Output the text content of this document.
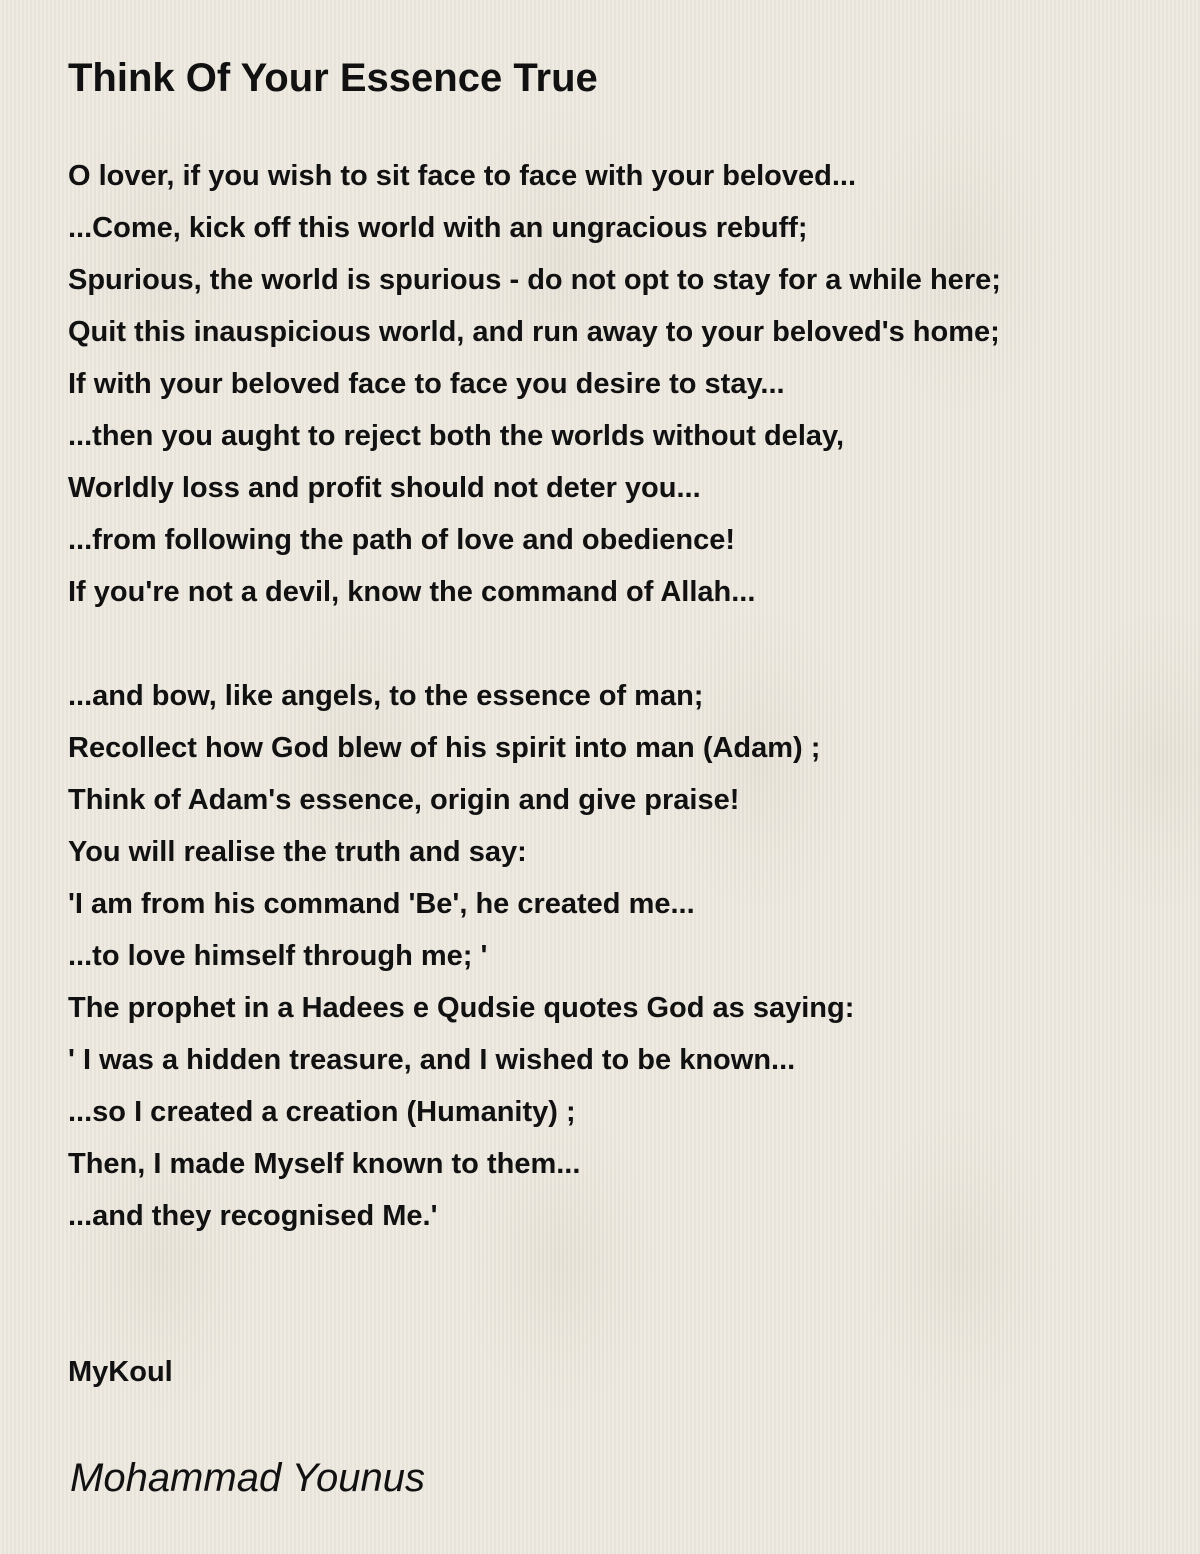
Think Of Your Essence True
O lover, if you wish to sit face to face with your beloved...
...Come, kick off this world with an ungracious rebuff;
Spurious, the world is spurious - do not opt to stay for a while here;
Quit this inauspicious world, and run away to your beloved's home;
If with your beloved face to face you desire to stay...
...then you aught to reject both the worlds without delay,
Worldly loss and profit should not deter you...
...from following the path of love and obedience!
If you're not a devil, know the command of Allah...
...and bow, like angels, to the essence of man;
Recollect how God blew of his spirit into man (Adam) ;
Think of Adam's essence, origin and give praise!
You will realise the truth and say:
'I am from his command 'Be', he created me...
...to love himself through me; '
The prophet in a Hadees e Qudsie quotes God as saying:
' I was a hidden treasure, and I wished to be known...
...so I created a creation (Humanity) ;
Then, I made Myself known to them...
...and they recognised Me.'
MyKoul
Mohammad Younus
